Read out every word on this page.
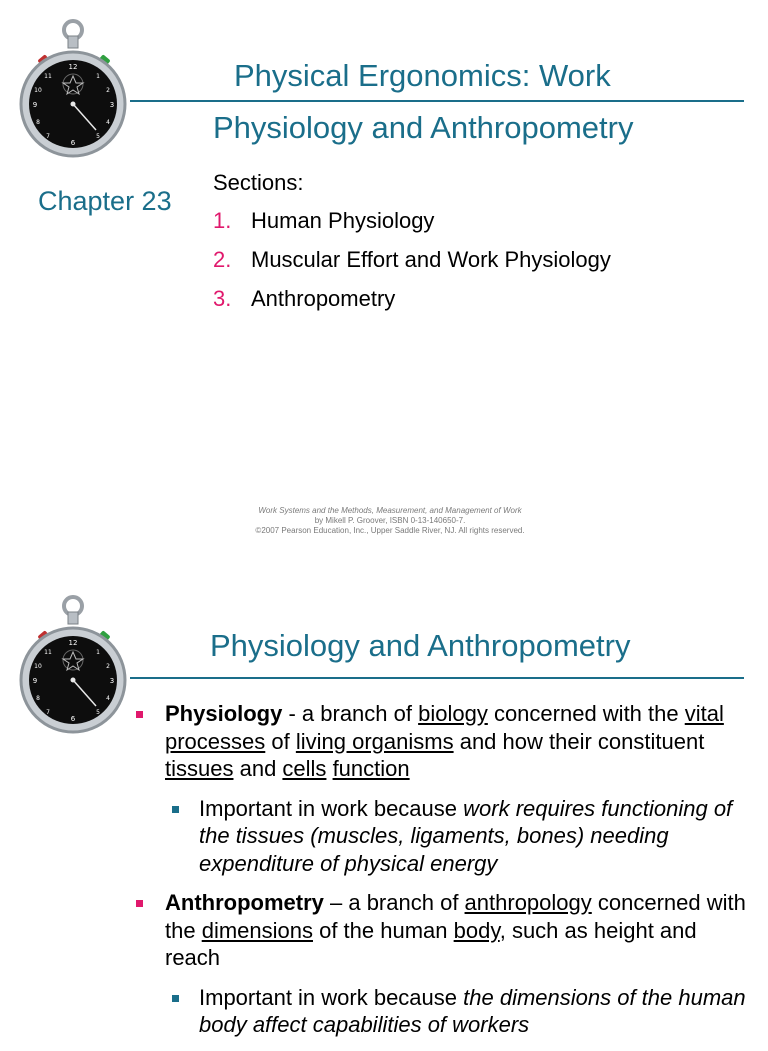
Physical Ergonomics: Work
Physiology and Anthropometry
Chapter 23
Sections:
1. Human Physiology
2. Muscular Effort and Work Physiology
3. Anthropometry
Work Systems and the Methods, Measurement, and Management of Work
by Mikell P. Groover, ISBN 0-13-140650-7.
©2007 Pearson Education, Inc., Upper Saddle River, NJ. All rights reserved.
Physiology and Anthropometry
Physiology - a branch of biology concerned with the vital processes of living organisms and how their constituent tissues and cells function
Important in work because work requires functioning of the tissues (muscles, ligaments, bones) needing expenditure of physical energy
Anthropometry – a branch of anthropology concerned with the dimensions of the human body, such as height and reach
Important in work because the dimensions of the human body affect capabilities of workers
